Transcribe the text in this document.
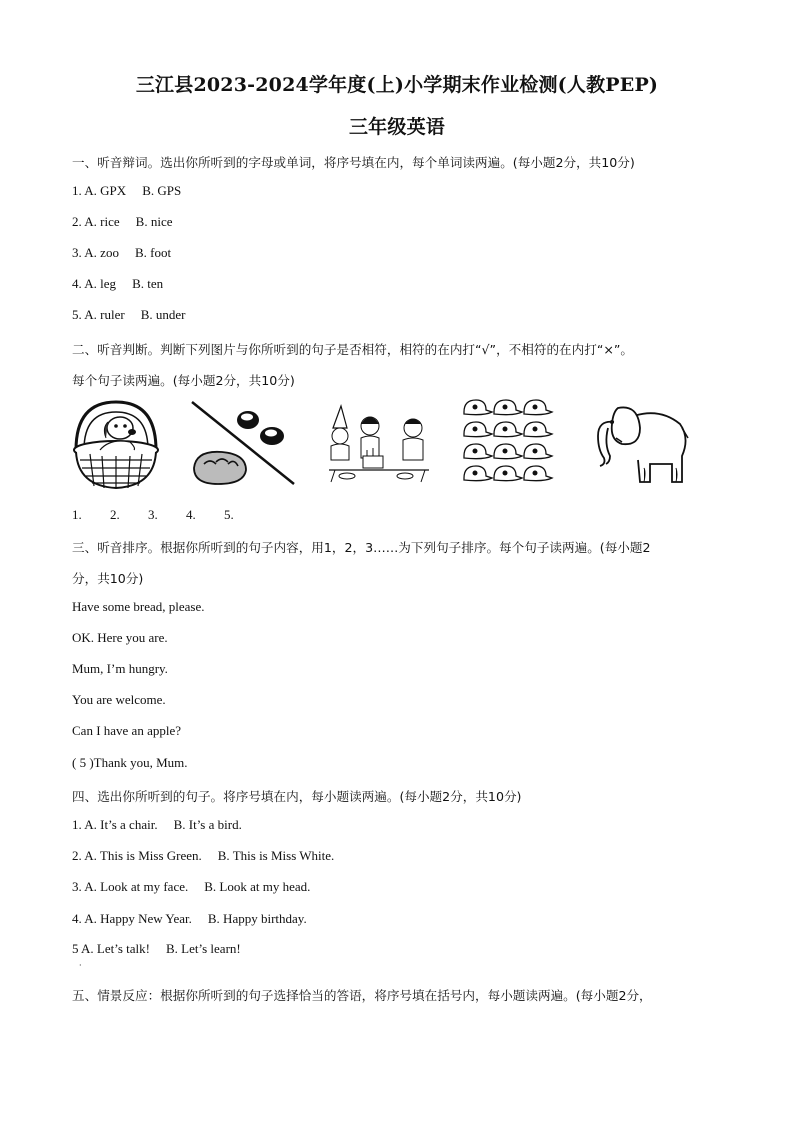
三江县2023-2024学年度(上)小学期末作业检测(人教PEP)
三年级英语
一、听音辩词。选出你所听到的字母或单词，将序号填在内，每个单词读两遍。(每小题2分，共10分)
1. A. GPX B. GPS
2. A. rice B. nice
3. A. zoo B. foot
4. A. leg B. ten
5. A. ruler B. under
二、听音判断。判断下列图片与你所听到的句子是否相符，相符的在内打“√”，不相符的在内打“×”。
每个句子读两遍。(每小题2分，共10分)
1. 2. 3. 4. 5.
三、听音排序。根据你所听到的句子内容，用1，2，3……为下列句子排序。每个句子读两遍。(每小题2
分，共10分)
Have some bread, please.
OK. Here you are.
Mum, I’m hungry.
You are welcome.
Can I have an apple?
( 5 )Thank you, Mum.
四、选出你所听到的句子。将序号填在内，每小题读两遍。(每小题2分，共10分)
1. A. It’s a chair. B. It’s a bird.
2. A. This is Miss Green. B. This is Miss White.
3. A. Look at my face. B. Look at my head.
4. A. Happy New Year. B. Happy birthday.
5 A. Let’s talk! B. Let’s learn!
·
五、情景反应：根据你所听到的句子选择恰当的答语，将序号填在括号内，每小题读两遍。(每小题2分，
